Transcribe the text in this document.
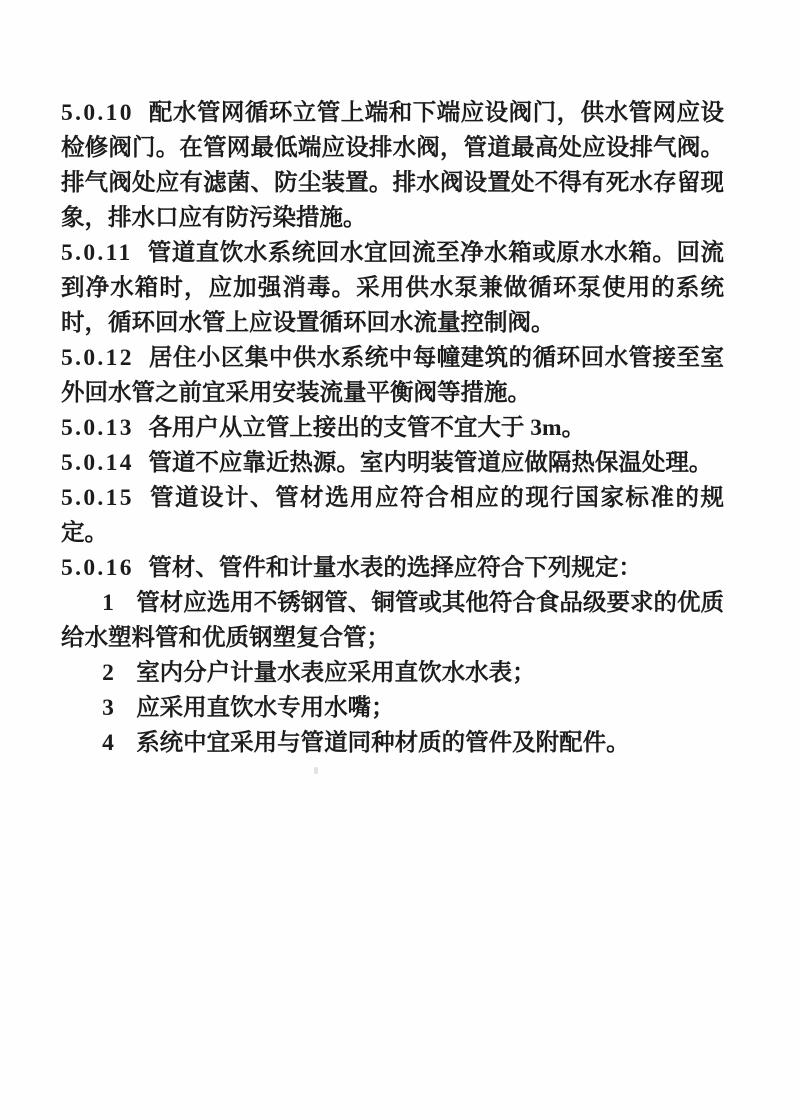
5.0.10 配水管网循环立管上端和下端应设阀门，供水管网应设检修阀门。在管网最低端应设排水阀，管道最高处应设排气阀。排气阀处应有滤菌、防尘装置。排水阀设置处不得有死水存留现象，排水口应有防污染措施。

5.0.11 管道直饮水系统回水宜回流至净水箱或原水水箱。回流到净水箱时，应加强消毒。采用供水泵兼做循环泵使用的系统时，循环回水管上应设置循环回水流量控制阀。

5.0.12 居住小区集中供水系统中每幢建筑的循环回水管接至室外回水管之前宜采用安装流量平衡阀等措施。

5.0.13 各用户从立管上接出的支管不宜大于 3m。

5.0.14 管道不应靠近热源。室内明装管道应做隔热保温处理。

5.0.15 管道设计、管材选用应符合相应的现行国家标准的规定。

5.0.16 管材、管件和计量水表的选择应符合下列规定：

1 管材应选用不锈钢管、铜管或其他符合食品级要求的优质给水塑料管和优质钢塑复合管；

2 室内分户计量水表应采用直饮水水表；

3 应采用直饮水专用水嘴；

4 系统中宜采用与管道同种材质的管件及附配件。
